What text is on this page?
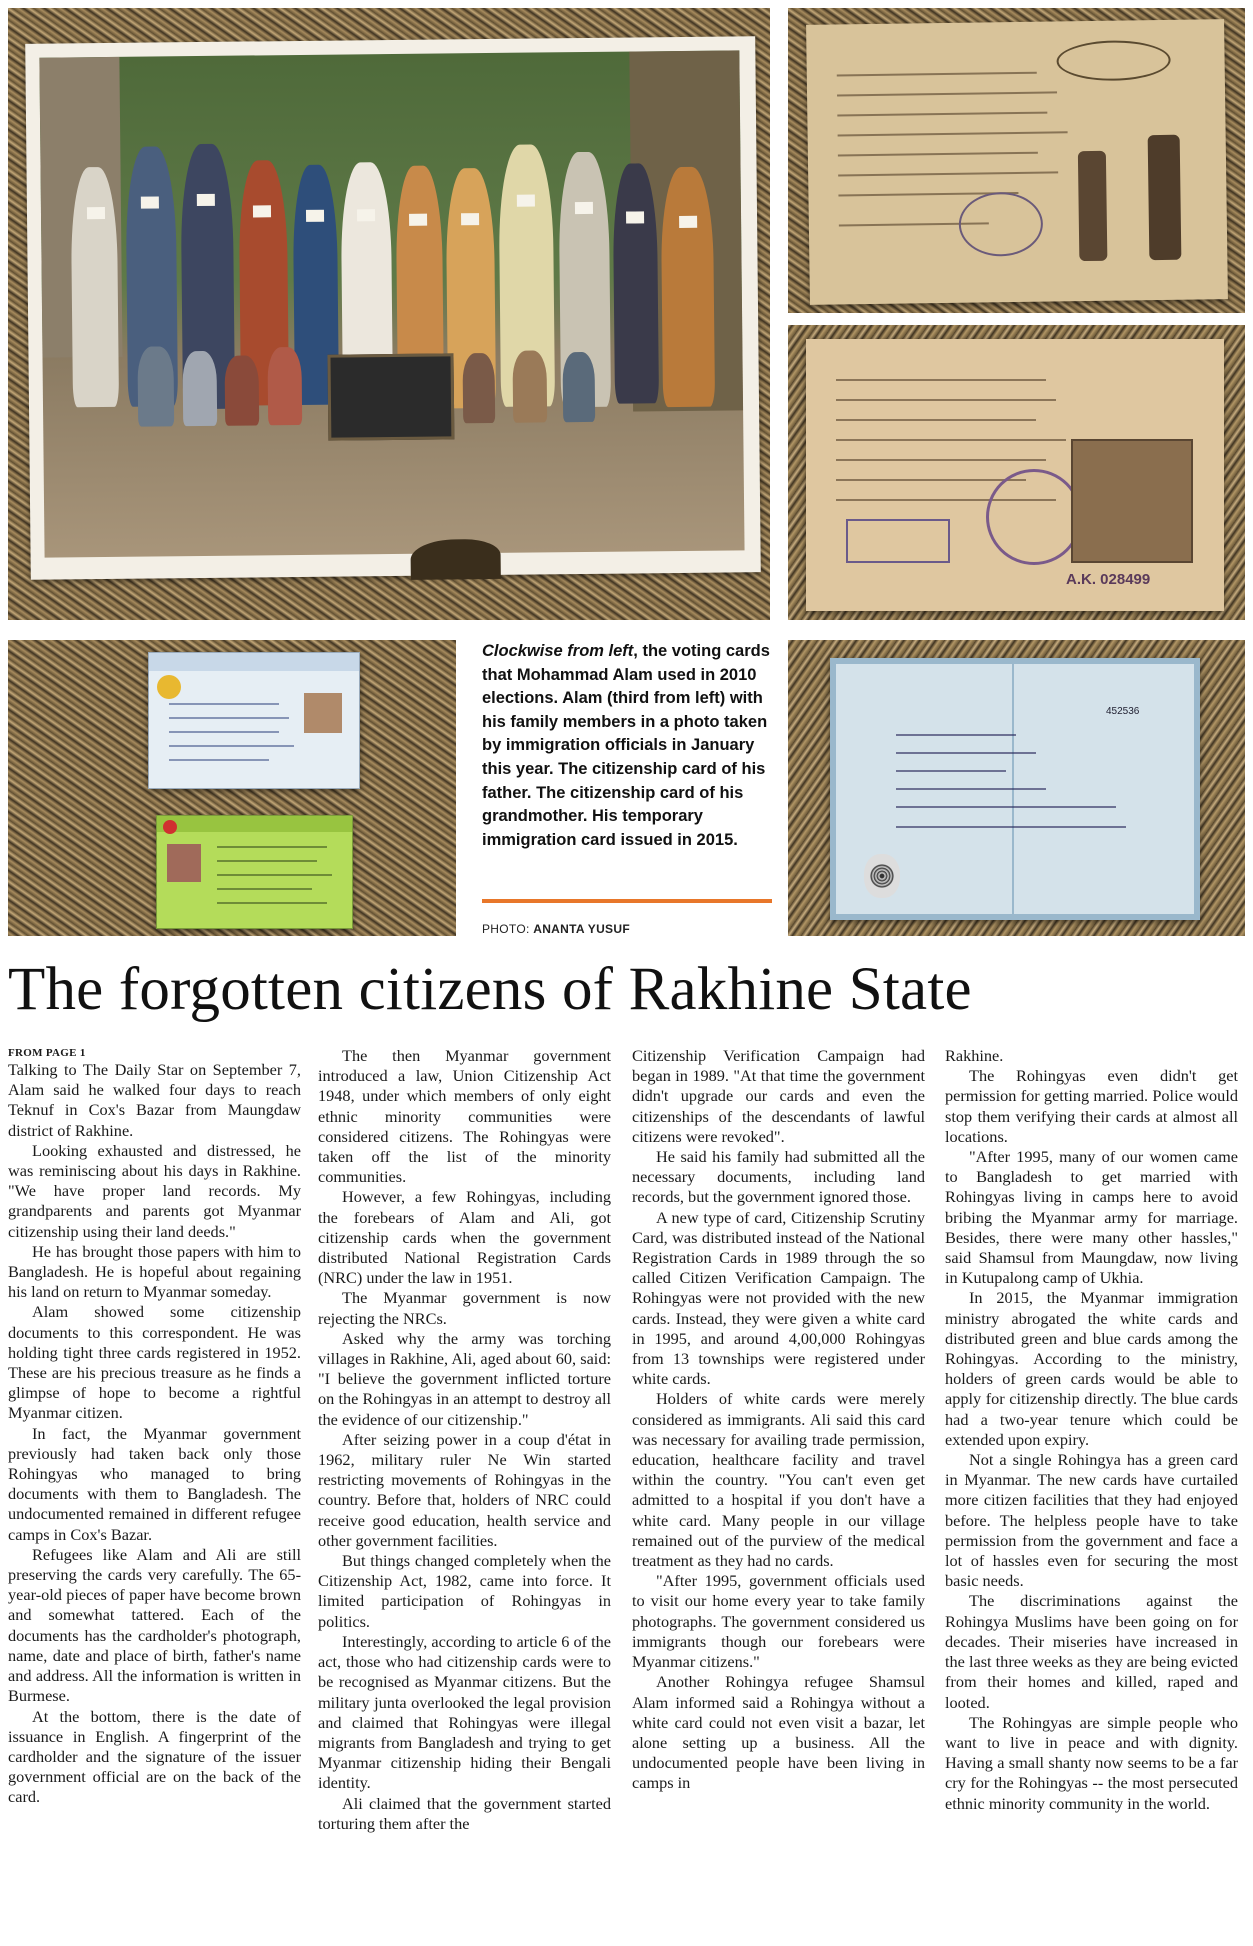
A.K. 028499
Clockwise from left, the voting cards that Mohammad Alam used in 2010 elections. Alam (third from left) with his family members in a photo taken by immigration officials in January this year. The citizenship card of his father. The citizenship card of his grandmother. His temporary immigration card issued in 2015.
PHOTO: ANANTA YUSUF
452536
The forgotten citizens of Rakhine State
FROM PAGE 1

Talking to The Daily Star on September 7, Alam said he walked four days to reach Teknuf in Cox's Bazar from Maungdaw district of Rakhine.

Looking exhausted and distressed, he was reminiscing about his days in Rakhine. "We have proper land records. My grandparents and parents got Myanmar citizenship using their land deeds."

He has brought those papers with him to Bangladesh. He is hopeful about regaining his land on return to Myanmar someday.

Alam showed some citizenship documents to this correspondent. He was holding tight three cards registered in 1952. These are his precious treasure as he finds a glimpse of hope to become a rightful Myanmar citizen.

In fact, the Myanmar government previously had taken back only those Rohingyas who managed to bring documents with them to Bangladesh. The undocumented remained in different refugee camps in Cox's Bazar.

Refugees like Alam and Ali are still preserving the cards very carefully. The 65-year-old pieces of paper have become brown and somewhat tattered. Each of the documents has the cardholder's photograph, name, date and place of birth, father's name and address. All the information is written in Burmese.

At the bottom, there is the date of issuance in English. A fingerprint of the cardholder and the signature of the issuer government official are on the back of the card.

The then Myanmar government introduced a law, Union Citizenship Act 1948, under which members of only eight ethnic minority communities were considered citizens. The Rohingyas were taken off the list of the minority communities.

However, a few Rohingyas, including the forebears of Alam and Ali, got citizenship cards when the government distributed National Registration Cards (NRC) under the law in 1951.

The Myanmar government is now rejecting the NRCs.

Asked why the army was torching villages in Rakhine, Ali, aged about 60, said: "I believe the government inflicted torture on the Rohingyas in an attempt to destroy all the evidence of our citizenship."

After seizing power in a coup d'état in 1962, military ruler Ne Win started restricting movements of Rohingyas in the country. Before that, holders of NRC could receive good education, health service and other government facilities.

But things changed completely when the Citizenship Act, 1982, came into force. It limited participation of Rohingyas in politics.

Interestingly, according to article 6 of the act, those who had citizenship cards were to be recognised as Myanmar citizens. But the military junta overlooked the legal provision and claimed that Rohingyas were illegal migrants from Bangladesh and trying to get Myanmar citizenship hiding their Bengali identity.

Ali claimed that the government started torturing them after the

Citizenship Verification Campaign had began in 1989. "At that time the government didn't upgrade our cards and even the citizenships of the descendants of lawful citizens were revoked".

He said his family had submitted all the necessary documents, including land records, but the government ignored those.

A new type of card, Citizenship Scrutiny Card, was distributed instead of the National Registration Cards in 1989 through the so called Citizen Verification Campaign. The Rohingyas were not provided with the new cards. Instead, they were given a white card in 1995, and around 4,00,000 Rohingyas from 13 townships were registered under white cards.

Holders of white cards were merely considered as immigrants. Ali said this card was necessary for availing trade permission, education, healthcare facility and travel within the country. "You can't even get admitted to a hospital if you don't have a white card. Many people in our village remained out of the purview of the medical treatment as they had no cards.

"After 1995, government officials used to visit our home every year to take family photographs. The government considered us immigrants though our forebears were Myanmar citizens."

Another Rohingya refugee Shamsul Alam informed said a Rohingya without a white card could not even visit a bazar, let alone setting up a business. All the undocumented people have been living in camps in

Rakhine.

The Rohingyas even didn't get permission for getting married. Police would stop them verifying their cards at almost all locations.

"After 1995, many of our women came to Bangladesh to get married with Rohingyas living in camps here to avoid bribing the Myanmar army for marriage. Besides, there were many other hassles," said Shamsul from Maungdaw, now living in Kutupalong camp of Ukhia.

In 2015, the Myanmar immigration ministry abrogated the white cards and distributed green and blue cards among the Rohingyas. According to the ministry, holders of green cards would be able to apply for citizenship directly. The blue cards had a two-year tenure which could be extended upon expiry.

Not a single Rohingya has a green card in Myanmar. The new cards have curtailed more citizen facilities that they had enjoyed before. The helpless people have to take permission from the government and face a lot of hassles even for securing the most basic needs.

The discriminations against the Rohingya Muslims have been going on for decades. Their miseries have increased in the last three weeks as they are being evicted from their homes and killed, raped and looted.

The Rohingyas are simple people who want to live in peace and with dignity. Having a small shanty now seems to be a far cry for the Rohingyas -- the most persecuted ethnic minority community in the world.
